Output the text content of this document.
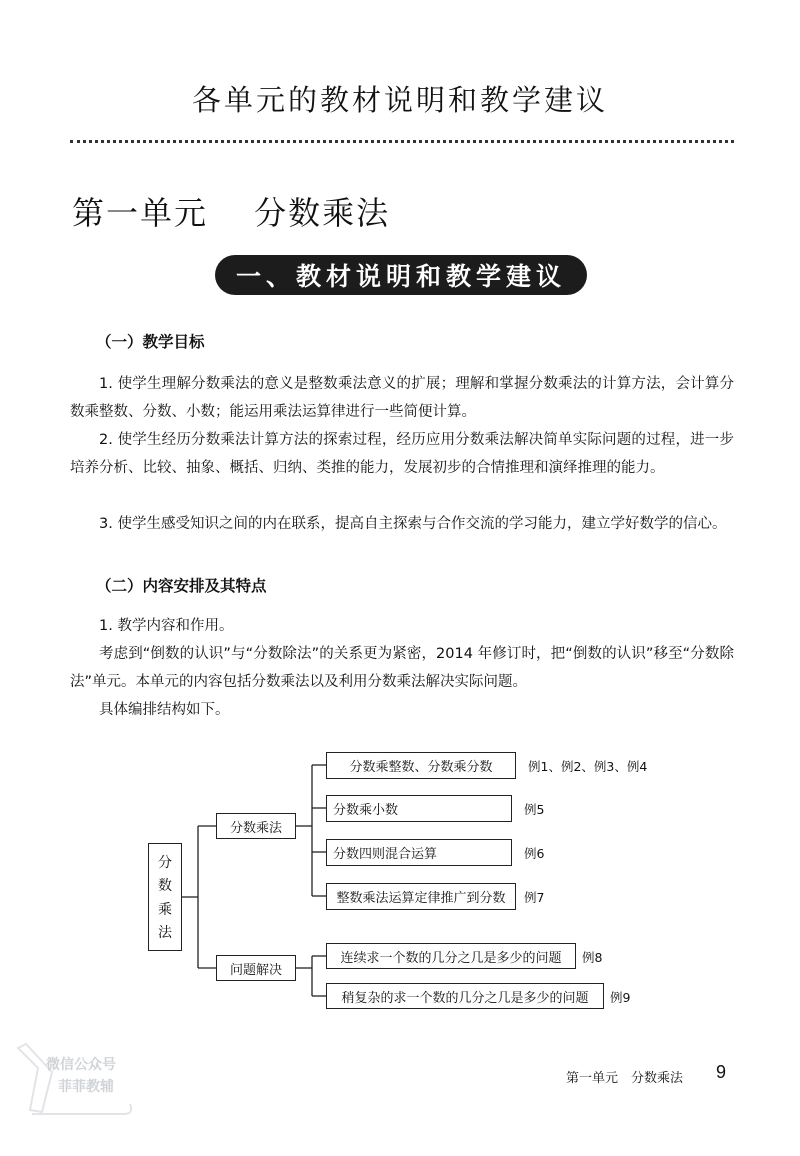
各单元的教材说明和教学建议
第一单元　 分数乘法
一、教材说明和教学建议
（一）教学目标
1. 使学生理解分数乘法的意义是整数乘法意义的扩展；理解和掌握分数乘法的计算方法，会计算分数乘整数、分数、小数；能运用乘法运算律进行一些简便计算。
2. 使学生经历分数乘法计算方法的探索过程，经历应用分数乘法解决简单实际问题的过程，进一步培养分析、比较、抽象、概括、归纳、类推的能力，发展初步的合情推理和演绎推理的能力。
3. 使学生感受知识之间的内在联系，提高自主探索与合作交流的学习能力，建立学好数学的信心。
（二）内容安排及其特点
1. 教学内容和作用。
考虑到“倒数的认识”与“分数除法”的关系更为紧密，2014 年修订时，把“倒数的认识”移至“分数除法”单元。本单元的内容包括分数乘法以及利用分数乘法解决实际问题。
具体编排结构如下。
分
数
乘
法
分数乘法
问题解决
分数乘整数、分数乘分数	例1、例2、例3、例4
分数乘小数	例5
分数四则混合运算	例6
整数乘法运算定律推广到分数	例7
连续求一个数的几分之几是多少的问题	例8
稍复杂的求一个数的几分之几是多少的问题	例9
微信公众号
菲菲教辅
第一单元　分数乘法 9
